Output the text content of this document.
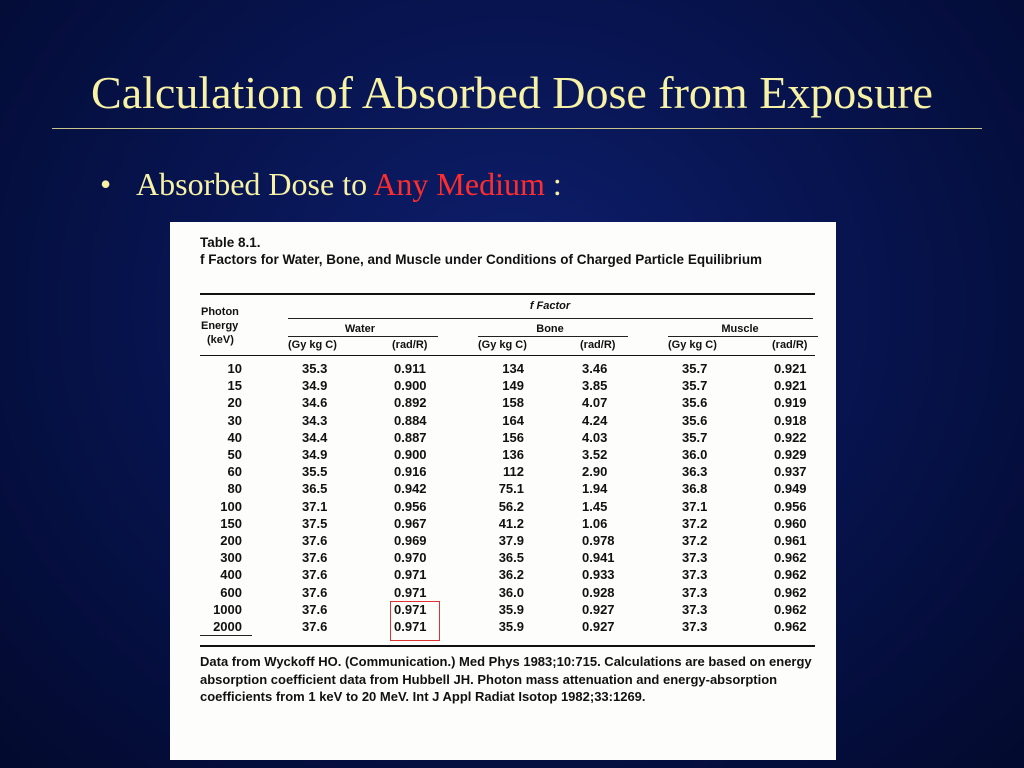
Calculation of Absorbed Dose from Exposure
• Absorbed Dose to Any Medium :
Table 8.1.
f Factors for Water, Bone, and Muscle under Conditions of Charged Particle Equilibrium
Photon
Energy
(keV)
f Factor
Water	Bone	Muscle
(Gy kg C)	(rad/R)	(Gy kg C)	(rad/R)	(Gy kg C)	(rad/R)
10	35.3	0.911	134	3.46	35.7	0.921
15	34.9	0.900	149	3.85	35.7	0.921
20	34.6	0.892	158	4.07	35.6	0.919
30	34.3	0.884	164	4.24	35.6	0.918
40	34.4	0.887	156	4.03	35.7	0.922
50	34.9	0.900	136	3.52	36.0	0.929
60	35.5	0.916	112	2.90	36.3	0.937
80	36.5	0.942	75.1	1.94	36.8	0.949
100	37.1	0.956	56.2	1.45	37.1	0.956
150	37.5	0.967	41.2	1.06	37.2	0.960
200	37.6	0.969	37.9	0.978	37.2	0.961
300	37.6	0.970	36.5	0.941	37.3	0.962
400	37.6	0.971	36.2	0.933	37.3	0.962
600	37.6	0.971	36.0	0.928	37.3	0.962
1000	37.6	0.971	35.9	0.927	37.3	0.962
2000	37.6	0.971	35.9	0.927	37.3	0.962
Data from Wyckoff HO. (Communication.) Med Phys 1983;10:715. Calculations are based on energy absorption coefficient data from Hubbell JH. Photon mass attenuation and energy-absorption coefficients from 1 keV to 20 MeV. Int J Appl Radiat Isotop 1982;33:1269.
